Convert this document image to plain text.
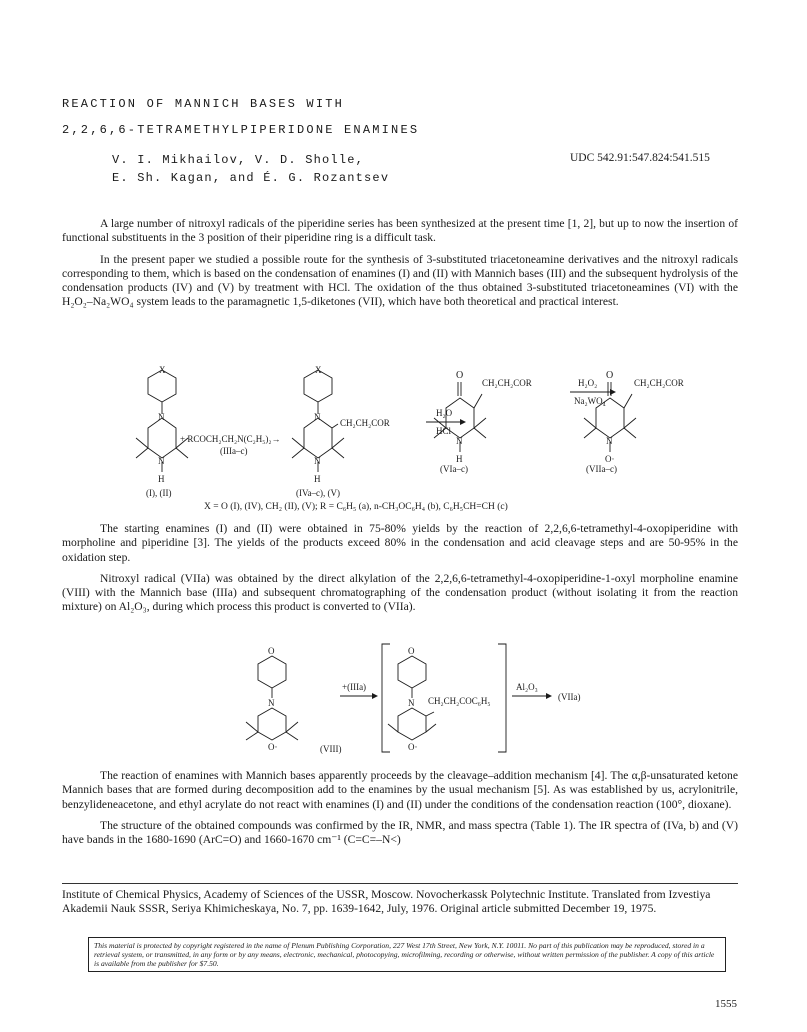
REACTION OF MANNICH BASES WITH
2,2,6,6-TETRAMETHYLPIPERIDONE ENAMINES
V. I. Mikhailov, V. D. Sholle,
E. Sh. Kagan, and É. G. Rozantsev
UDC 542.91:547.824:541.515

A large number of nitroxyl radicals of the piperidine series has been synthesized at the present time [1, 2], but up to now the insertion of functional substituents in the 3 position of their piperidine ring is a difficult task.

In the present paper we studied a possible route for the synthesis of 3-substituted triacetoneamine derivatives and the nitroxyl radicals corresponding to them, which is based on the condensation of enamines (I) and (II) with Mannich bases (III) and the subsequent hydrolysis of the condensation products (IV) and (V) by treatment with HCl. The oxidation of the thus obtained 3-substituted triacetoneamines (VI) with the H₂O₂–Na₂WO₄ system leads to the paramagnetic 1,5-diketones (VII), which have both theoretical and practical interest.

X
N
N
H
(I), (II)
+ RCOCH₂CH₂N(C₂H₅)₂→
(IIIa–c)
X
N
N
H
CH₂CH₂COR
(IVa–c), (V)
H₂O
HCl
O
N
H
CH₂CH₂COR
(VIa–c)
H₂O₂
Na₂WO₄
O
N
O·
CH₂CH₂COR
(VIIa–c)
X = O (I), (IV), CH₂ (II), (V); R = C₆H₅ (a), n-CH₃OC₆H₄ (b), C₆H₅CH=CH (c)

The starting enamines (I) and (II) were obtained in 75-80% yields by the reaction of 2,2,6,6-tetramethyl-4-oxopiperidine with morpholine and piperidine [3]. The yields of the products exceed 80% in the condensation and acid cleavage steps and are 50-95% in the oxidation step.

Nitroxyl radical (VIIa) was obtained by the direct alkylation of the 2,2,6,6-tetramethyl-4-oxopiperidine-1-oxyl morpholine enamine (VIII) with the Mannich base (IIIa) and subsequent chromatographing of the condensation product (without isolating it from the reaction mixture) on Al₂O₃, during which process this product is converted to (VIIa).

O
N
O·	(VIII)
+(IIIa)
O
N
O·
CH₂CH₂COC₆H₅
Al₂O₃
(VIIa)

The reaction of enamines with Mannich bases apparently proceeds by the cleavage–addition mechanism [4]. The α,β-unsaturated ketone Mannich bases that are formed during decomposition add to the enamines by the usual mechanism [5]. As was established by us, acrylonitrile, benzylideneacetone, and ethyl acrylate do not react with enamines (I) and (II) under the conditions of the condensation reaction (100°, dioxane).

The structure of the obtained compounds was confirmed by the IR, NMR, and mass spectra (Table 1). The IR spectra of (IVa, b) and (V) have bands in the 1680-1690 (ArC=O) and 1660-1670 cm⁻¹ (C=C=–N<)

Institute of Chemical Physics, Academy of Sciences of the USSR, Moscow. Novocherkassk Polytechnic Institute. Translated from Izvestiya Akademii Nauk SSSR, Seriya Khimicheskaya, No. 7, pp. 1639-1642, July, 1976. Original article submitted December 19, 1975.
This material is protected by copyright registered in the name of Plenum Publishing Corporation, 227 West 17th Street, New York, N.Y. 10011. No part of this publication may be reproduced, stored in a retrieval system, or transmitted, in any form or by any means, electronic, mechanical, photocopying, microfilming, recording or otherwise, without written permission of the publisher. A copy of this article is available from the publisher for $7.50.
1555
